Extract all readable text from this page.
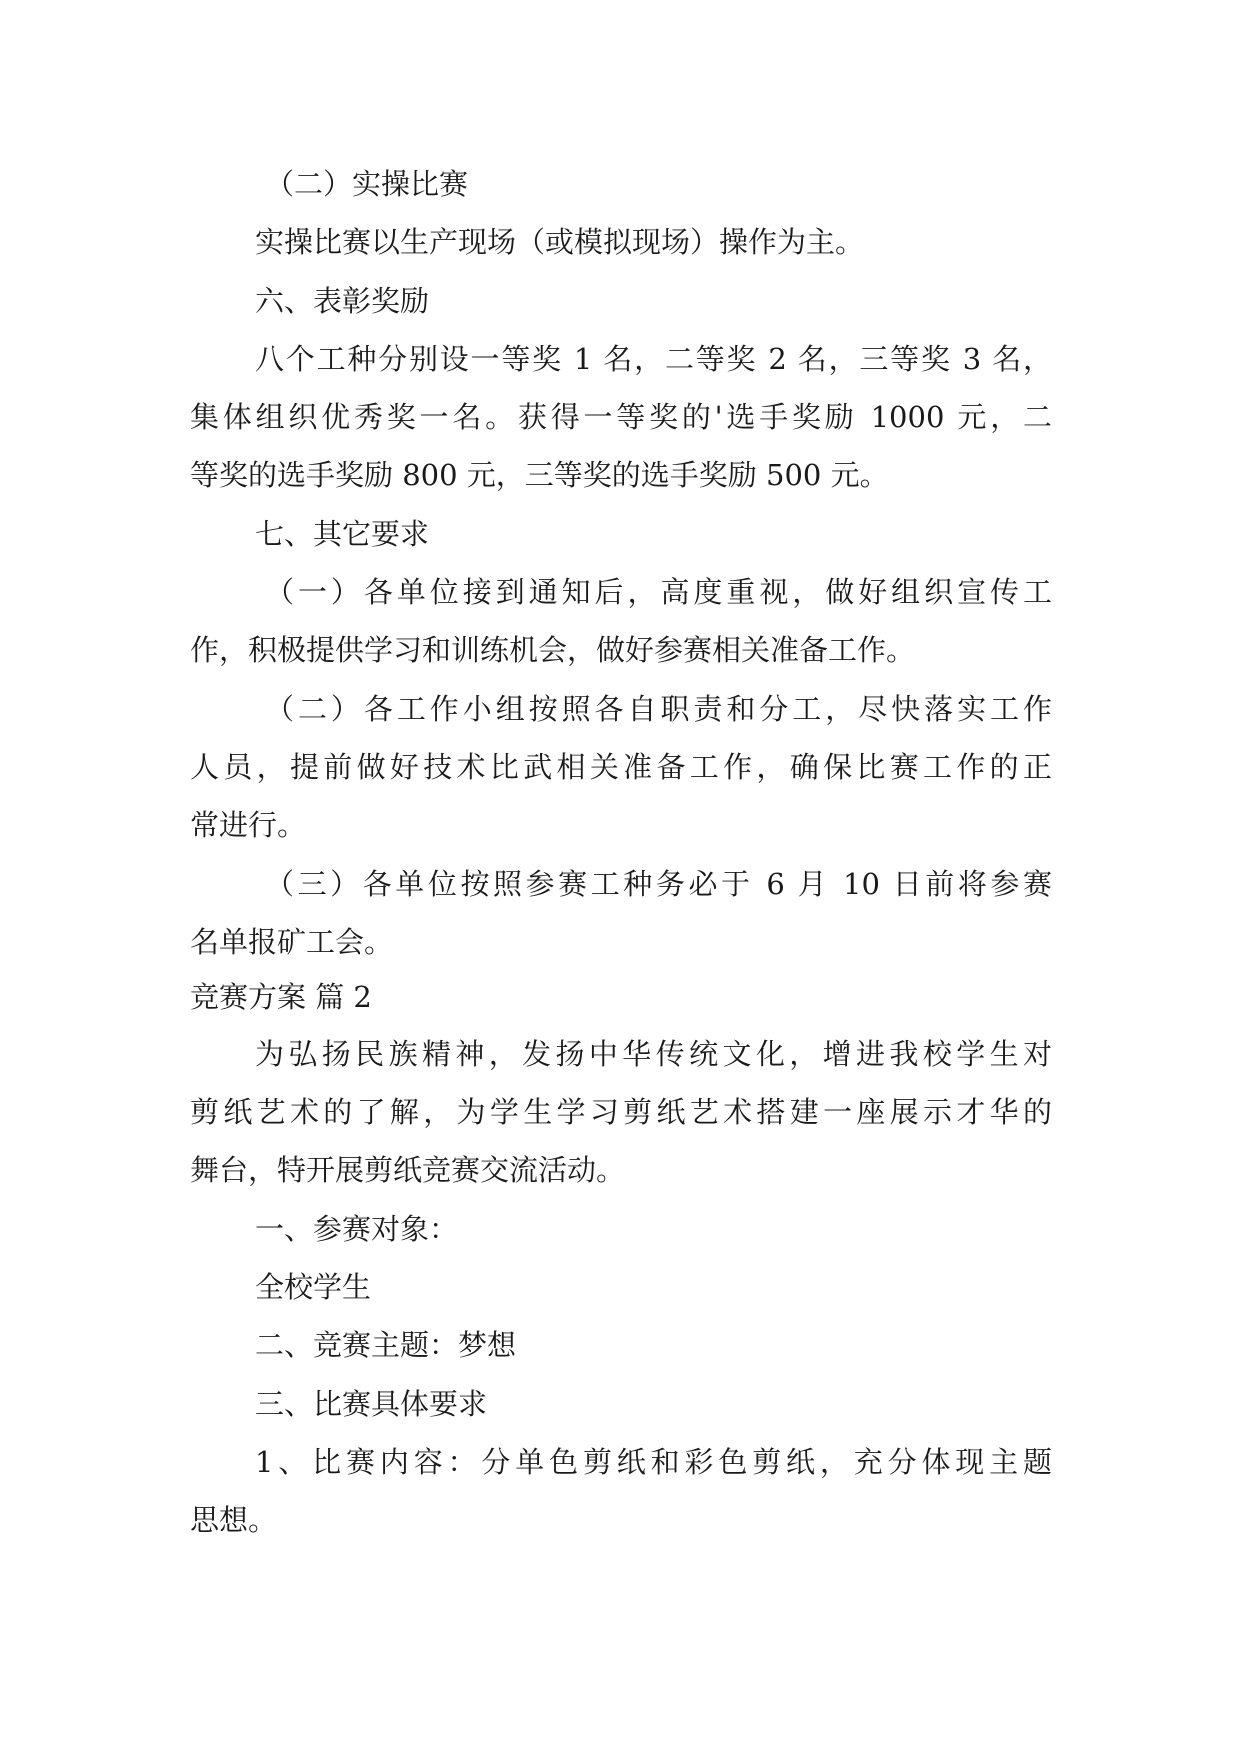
（二）实操比赛

实操比赛以生产现场（或模拟现场）操作为主。

六、表彰奖励

八个工种分别设一等奖 1 名，二等奖 2 名，三等奖 3 名，

集体组织优秀奖一名。获得一等奖的'选手奖励 1000 元，二

等奖的选手奖励 800 元，三等奖的选手奖励 500 元。

七、其它要求

（一）各单位接到通知后，高度重视，做好组织宣传工

作，积极提供学习和训练机会，做好参赛相关准备工作。

（二）各工作小组按照各自职责和分工，尽快落实工作

人员，提前做好技术比武相关准备工作，确保比赛工作的正

常进行。

（三）各单位按照参赛工种务必于 6 月 10 日前将参赛

名单报矿工会。

竞赛方案 篇 2

为弘扬民族精神，发扬中华传统文化，增进我校学生对

剪纸艺术的了解，为学生学习剪纸艺术搭建一座展示才华的

舞台，特开展剪纸竞赛交流活动。

一、参赛对象：

全校学生

二、竞赛主题：梦想

三、比赛具体要求

1、比赛内容：分单色剪纸和彩色剪纸，充分体现主题

思想。
